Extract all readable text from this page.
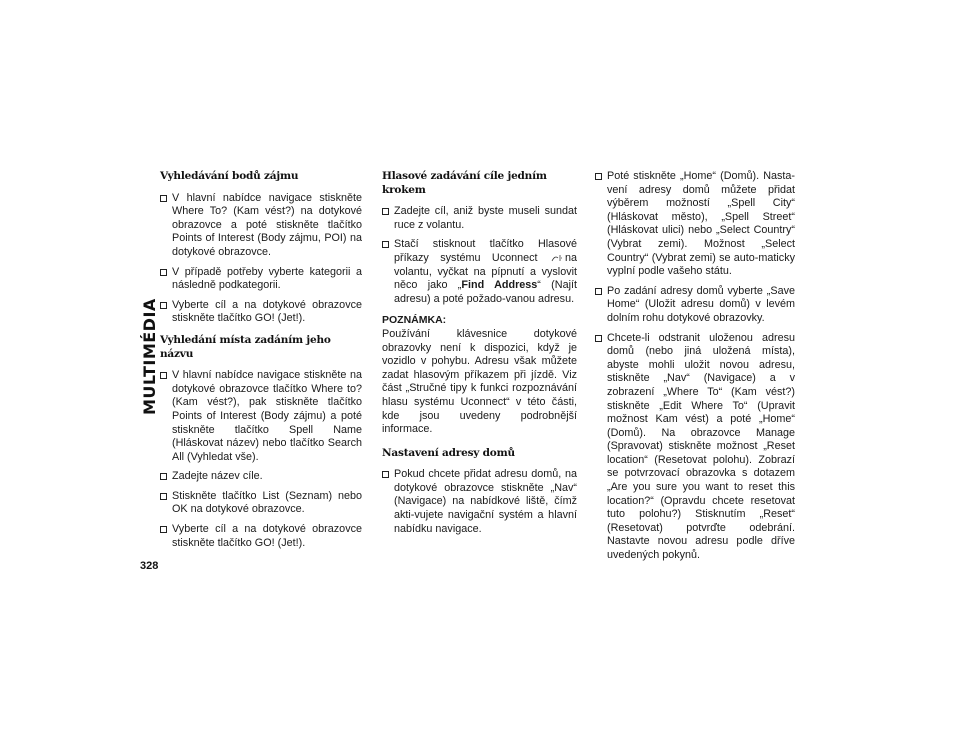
MULTIMÉDIA
328
Vyhledávání bodů zájmu
V hlavní nabídce navigace stiskněte Where To? (Kam vést?) na dotykové obrazovce a poté stiskněte tlačítko Points of Interest (Body zájmu, POI) na dotykové obrazovce.
V případě potřeby vyberte kategorii a následně podkategorii.
Vyberte cíl a na dotykové obrazovce stiskněte tlačítko GO! (Jet!).
Vyhledání místa zadáním jeho názvu
V hlavní nabídce navigace stiskněte na dotykové obrazovce tlačítko Where to? (Kam vést?), pak stiskněte tlačítko Points of Interest (Body zájmu) a poté stiskněte tlačítko Spell Name (Hláskovat název) nebo tlačítko Search All (Vyhledat vše).
Zadejte název cíle.
Stiskněte tlačítko List (Seznam) nebo OK na dotykové obrazovce.
Vyberte cíl a na dotykové obrazovce stiskněte tlačítko GO! (Jet!).
Hlasové zadávání cíle jedním krokem
Zadejte cíl, aniž byste museli sundat ruce z volantu.
Stačí stisknout tlačítko Hlasové příkazy systému Uconnect	na volantu, vyčkat na pípnutí a vyslovit něco jako „Find Address“ (Najít adresu) a poté požado-vanou adresu.
POZNÁMKA:
Používání klávesnice dotykové obrazovky není k dispozici, když je vozidlo v pohybu. Adresu však můžete zadat hlasovým příkazem při jízdě. Viz část „Stručné tipy k funkci rozpoznávání hlasu systému Uconnect“ v této části, kde jsou uvedeny podrobnější informace.
Nastavení adresy domů
Pokud chcete přidat adresu domů, na dotykové obrazovce stiskněte „Nav“ (Navigace) na nabídkové liště, čímž akti-vujete navigační systém a hlavní nabídku navigace.
Poté stiskněte „Home“ (Domů). Nasta-vení adresy domů můžete přidat výběrem možností „Spell City“ (Hláskovat město), „Spell Street“ (Hláskovat ulici) nebo „Select Country“ (Vybrat zemi). Možnost „Select Country“ (Vybrat zemi) se auto-maticky vyplní podle vašeho státu.
Po zadání adresy domů vyberte „Save Home“ (Uložit adresu domů) v levém dolním rohu dotykové obrazovky.
Chcete-li odstranit uloženou adresu domů (nebo jiná uložená místa), abyste mohli uložit novou adresu, stiskněte „Nav“ (Navigace) a v zobrazení „Where To“ (Kam vést?) stiskněte „Edit Where To“ (Upravit možnost Kam vést) a poté „Home“ (Domů). Na obrazovce Manage (Spravovat) stiskněte možnost „Reset location“ (Resetovat polohu). Zobrazí se potvrzovací obrazovka s dotazem „Are you sure you want to reset this location?“ (Opravdu chcete resetovat tuto polohu?) Stisknutím „Reset“ (Resetovat) potvrďte odebrání. Nastavte novou adresu podle dříve uvedených pokynů.
